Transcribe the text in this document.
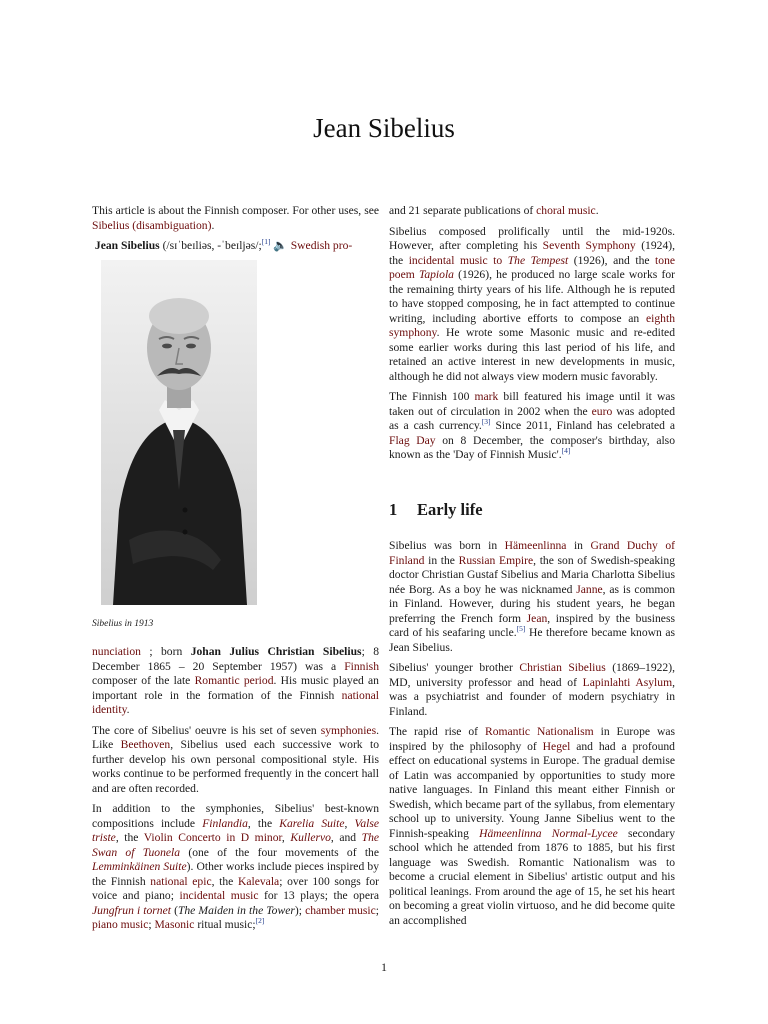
Jean Sibelius

This article is about the Finnish composer. For other uses, see Sibelius (disambiguation).

Jean Sibelius (/sɪˈbeɪliəs, -ˈbeɪljəs/;[1] 🔈 Swedish pro-

Sibelius in 1913

nunciation ; born Johan Julius Christian Sibelius; 8 December 1865 – 20 September 1957) was a Finnish composer of the late Romantic period. His music played an important role in the formation of the Finnish national identity.

The core of Sibelius' oeuvre is his set of seven symphonies. Like Beethoven, Sibelius used each successive work to further develop his own personal compositional style. His works continue to be performed frequently in the concert hall and are often recorded.

In addition to the symphonies, Sibelius' best-known compositions include Finlandia, the Karelia Suite, Valse triste, the Violin Concerto in D minor, Kullervo, and The Swan of Tuonela (one of the four movements of the Lemminkäinen Suite). Other works include pieces inspired by the Finnish national epic, the Kalevala; over 100 songs for voice and piano; incidental music for 13 plays; the opera Jungfrun i tornet (The Maiden in the Tower); chamber music; piano music; Masonic ritual music;[2]

and 21 separate publications of choral music.

Sibelius composed prolifically until the mid-1920s. However, after completing his Seventh Symphony (1924), the incidental music to The Tempest (1926), and the tone poem Tapiola (1926), he produced no large scale works for the remaining thirty years of his life. Although he is reputed to have stopped composing, he in fact attempted to continue writing, including abortive efforts to compose an eighth symphony. He wrote some Masonic music and re-edited some earlier works during this last period of his life, and retained an active interest in new developments in music, although he did not always view modern music favorably.

The Finnish 100 mark bill featured his image until it was taken out of circulation in 2002 when the euro was adopted as a cash currency.[3] Since 2011, Finland has celebrated a Flag Day on 8 December, the composer's birthday, also known as the 'Day of Finnish Music'.[4]

1 Early life

Sibelius was born in Hämeenlinna in Grand Duchy of Finland in the Russian Empire, the son of Swedish-speaking doctor Christian Gustaf Sibelius and Maria Charlotta Sibelius née Borg. As a boy he was nicknamed Janne, as is common in Finland. However, during his student years, he began preferring the French form Jean, inspired by the business card of his seafaring uncle.[5] He therefore became known as Jean Sibelius.

Sibelius' younger brother Christian Sibelius (1869–1922), MD, university professor and head of Lapinlahti Asylum, was a psychiatrist and founder of modern psychiatry in Finland.

The rapid rise of Romantic Nationalism in Europe was inspired by the philosophy of Hegel and had a profound effect on educational systems in Europe. The gradual demise of Latin was accompanied by opportunities to study more native languages. In Finland this meant either Finnish or Swedish, which became part of the syllabus, from elementary school up to university. Young Janne Sibelius went to the Finnish-speaking Hämeenlinna Normal-Lycee secondary school which he attended from 1876 to 1885, but his first language was Swedish. Romantic Nationalism was to become a crucial element in Sibelius' artistic output and his political leanings. From around the age of 15, he set his heart on becoming a great violin virtuoso, and he did become quite an accomplished

1
